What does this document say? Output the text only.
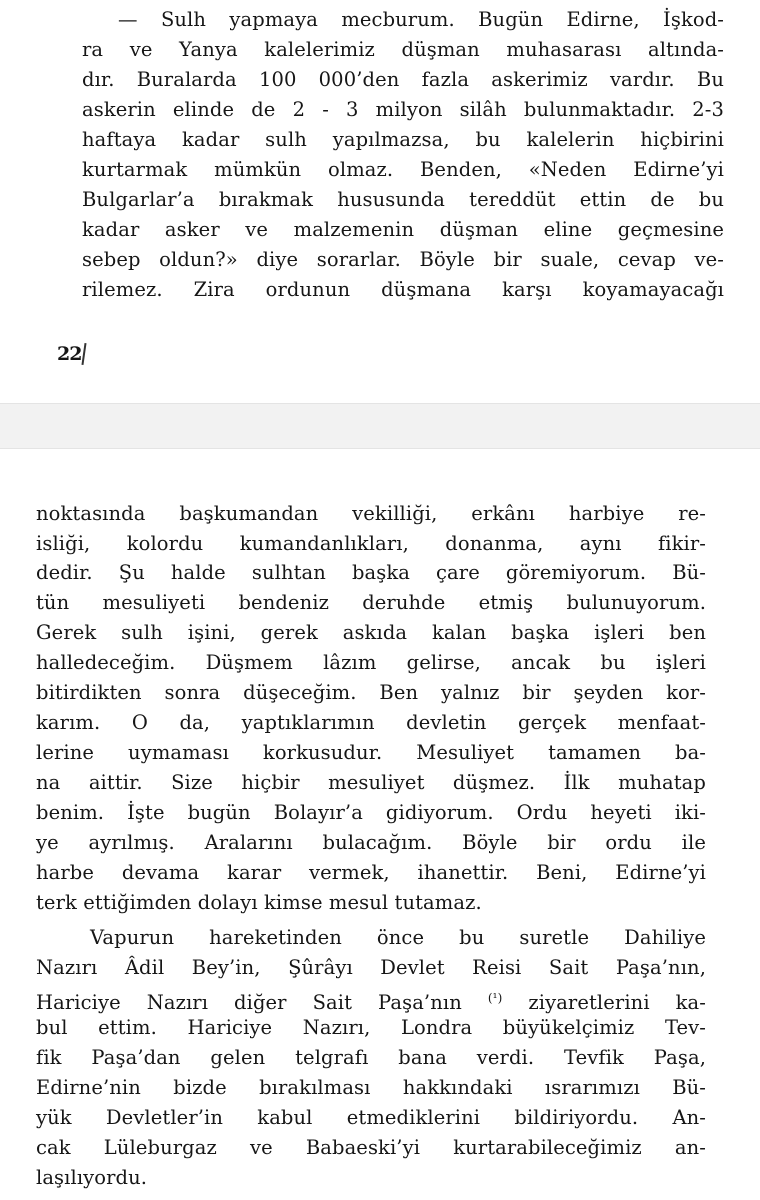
— Sulh yapmaya mecburum. Bugün Edirne, İşkod-
ra ve Yanya kalelerimiz düşman muhasarası altında-
dır. Buralarda 100 000’den fazla askerimiz vardır. Bu
askerin elinde de 2 - 3 milyon silâh bulunmaktadır. 2-3
haftaya kadar sulh yapılmazsa, bu kalelerin hiçbirini
kurtarmak mümkün olmaz. Benden, «Neden Edirne’yi
Bulgarlar’a bırakmak hususunda tereddüt ettin de bu
kadar asker ve malzemenin düşman eline geçmesine
sebep oldun?» diye sorarlar. Böyle bir suale, cevap ve-
rilemez. Zira ordunun düşmana karşı koyamayacağı
22
noktasında başkumandan vekilliği, erkânı harbiye re-
isliği, kolordu kumandanlıkları, donanma, aynı fikir-
dedir. Şu halde sulhtan başka çare göremiyorum. Bü-
tün mesuliyeti bendeniz deruhde etmiş bulunuyorum.
Gerek sulh işini, gerek askıda kalan başka işleri ben
halledeceğim. Düşmem lâzım gelirse, ancak bu işleri
bitirdikten sonra düşeceğim. Ben yalnız bir şeyden kor-
karım. O da, yaptıklarımın devletin gerçek menfaat-
lerine uymaması korkusudur. Mesuliyet tamamen ba-
na aittir. Size hiçbir mesuliyet düşmez. İlk muhatap
benim. İşte bugün Bolayır’a gidiyorum. Ordu heyeti iki-
ye ayrılmış. Aralarını bulacağım. Böyle bir ordu ile
harbe devama karar vermek, ihanettir. Beni, Edirne’yi
terk ettiğimden dolayı kimse mesul tutamaz.
Vapurun hareketinden önce bu suretle Dahiliye
Nazırı Âdil Bey’in, Şûrâyı Devlet Reisi Sait Paşa’nın,
Hariciye Nazırı diğer Sait Paşa’nın $^{(^1)}$ ziyaretlerini ka-
bul ettim. Hariciye Nazırı, Londra büyükelçimiz Tev-
fik Paşa’dan gelen telgrafı bana verdi. Tevfik Paşa,
Edirne’nin bizde bırakılması hakkındaki ısrarımızı Bü-
yük Devletler’in kabul etmediklerini bildiriyordu. An-
cak Lüleburgaz ve Babaeski’yi kurtarabileceğimiz an-
laşılıyordu.
